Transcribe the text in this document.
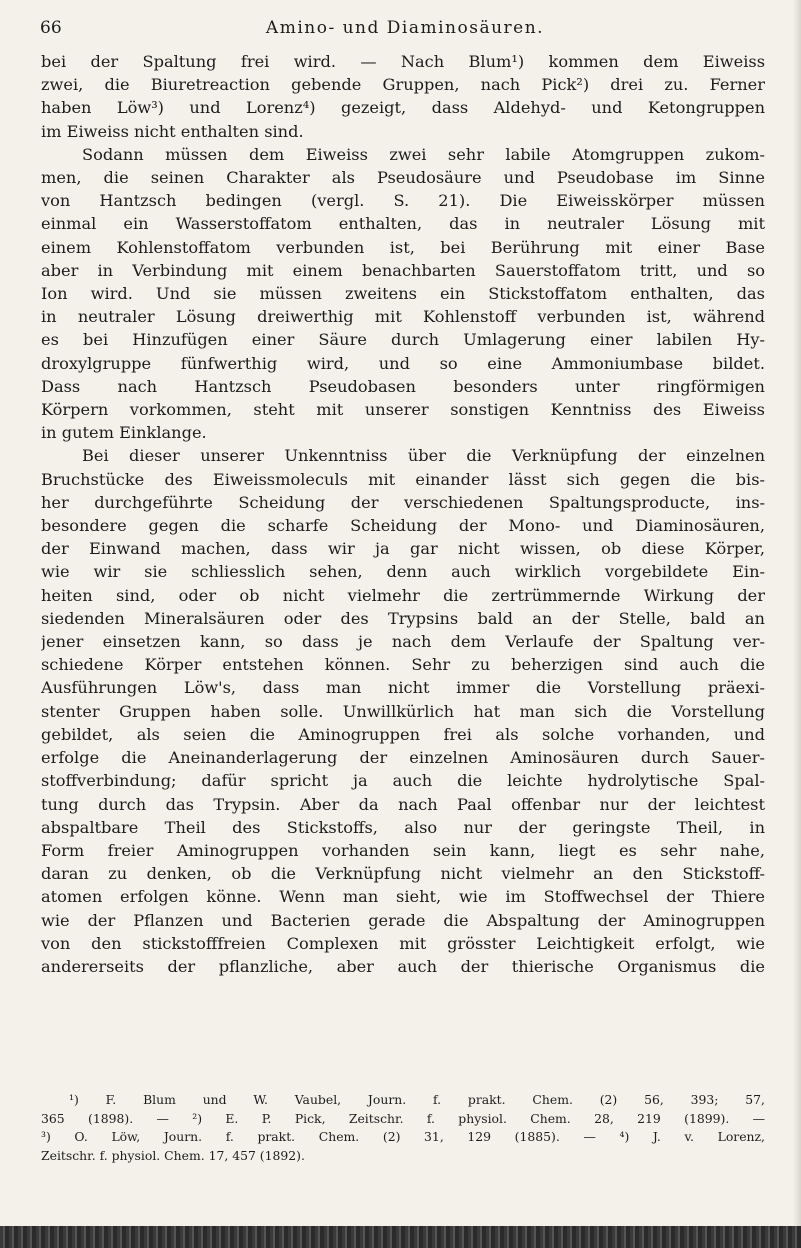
66	Amino- und Diaminosäuren.
bei der Spaltung frei wird. — Nach Blum¹) kommen dem Eiweiss
zwei, die Biuretreaction gebende Gruppen, nach Pick²) drei zu. Ferner
haben Löw³) und Lorenz⁴) gezeigt, dass Aldehyd- und Ketongruppen
im Eiweiss nicht enthalten sind.
Sodann müssen dem Eiweiss zwei sehr labile Atomgruppen zukom-
men, die seinen Charakter als Pseudosäure und Pseudobase im Sinne
von Hantzsch bedingen (vergl. S. 21). Die Eiweisskörper müssen
einmal ein Wasserstoffatom enthalten, das in neutraler Lösung mit
einem Kohlenstoffatom verbunden ist, bei Berührung mit einer Base
aber in Verbindung mit einem benachbarten Sauerstoffatom tritt, und so
Ion wird. Und sie müssen zweitens ein Stickstoffatom enthalten, das
in neutraler Lösung dreiwerthig mit Kohlenstoff verbunden ist, während
es bei Hinzufügen einer Säure durch Umlagerung einer labilen Hy-
droxylgruppe fünfwerthig wird, und so eine Ammoniumbase bildet.
Dass nach Hantzsch Pseudobasen besonders unter ringförmigen
Körpern vorkommen, steht mit unserer sonstigen Kenntniss des Eiweiss
in gutem Einklange.
Bei dieser unserer Unkenntniss über die Verknüpfung der einzelnen
Bruchstücke des Eiweissmoleculs mit einander lässt sich gegen die bis-
her durchgeführte Scheidung der verschiedenen Spaltungsproducte, ins-
besondere gegen die scharfe Scheidung der Mono- und Diaminosäuren,
der Einwand machen, dass wir ja gar nicht wissen, ob diese Körper,
wie wir sie schliesslich sehen, denn auch wirklich vorgebildete Ein-
heiten sind, oder ob nicht vielmehr die zertrümmernde Wirkung der
siedenden Mineralsäuren oder des Trypsins bald an der Stelle, bald an
jener einsetzen kann, so dass je nach dem Verlaufe der Spaltung ver-
schiedene Körper entstehen können. Sehr zu beherzigen sind auch die
Ausführungen Löw's, dass man nicht immer die Vorstellung präexi-
stenter Gruppen haben solle. Unwillkürlich hat man sich die Vorstellung
gebildet, als seien die Aminogruppen frei als solche vorhanden, und
erfolge die Aneinanderlagerung der einzelnen Aminosäuren durch Sauer-
stoffverbindung; dafür spricht ja auch die leichte hydrolytische Spal-
tung durch das Trypsin. Aber da nach Paal offenbar nur der leichtest
abspaltbare Theil des Stickstoffs, also nur der geringste Theil, in
Form freier Aminogruppen vorhanden sein kann, liegt es sehr nahe,
daran zu denken, ob die Verknüpfung nicht vielmehr an den Stickstoff-
atomen erfolgen könne. Wenn man sieht, wie im Stoffwechsel der Thiere
wie der Pflanzen und Bacterien gerade die Abspaltung der Aminogruppen
von den stickstofffreien Complexen mit grösster Leichtigkeit erfolgt, wie
andererseits der pflanzliche, aber auch der thierische Organismus die
¹) F. Blum und W. Vaubel, Journ. f. prakt. Chem. (2) 56, 393; 57,
365 (1898). — ²) E. P. Pick, Zeitschr. f. physiol. Chem. 28, 219 (1899). —
³) O. Löw, Journ. f. prakt. Chem. (2) 31, 129 (1885). — ⁴) J. v. Lorenz,
Zeitschr. f. physiol. Chem. 17, 457 (1892).
